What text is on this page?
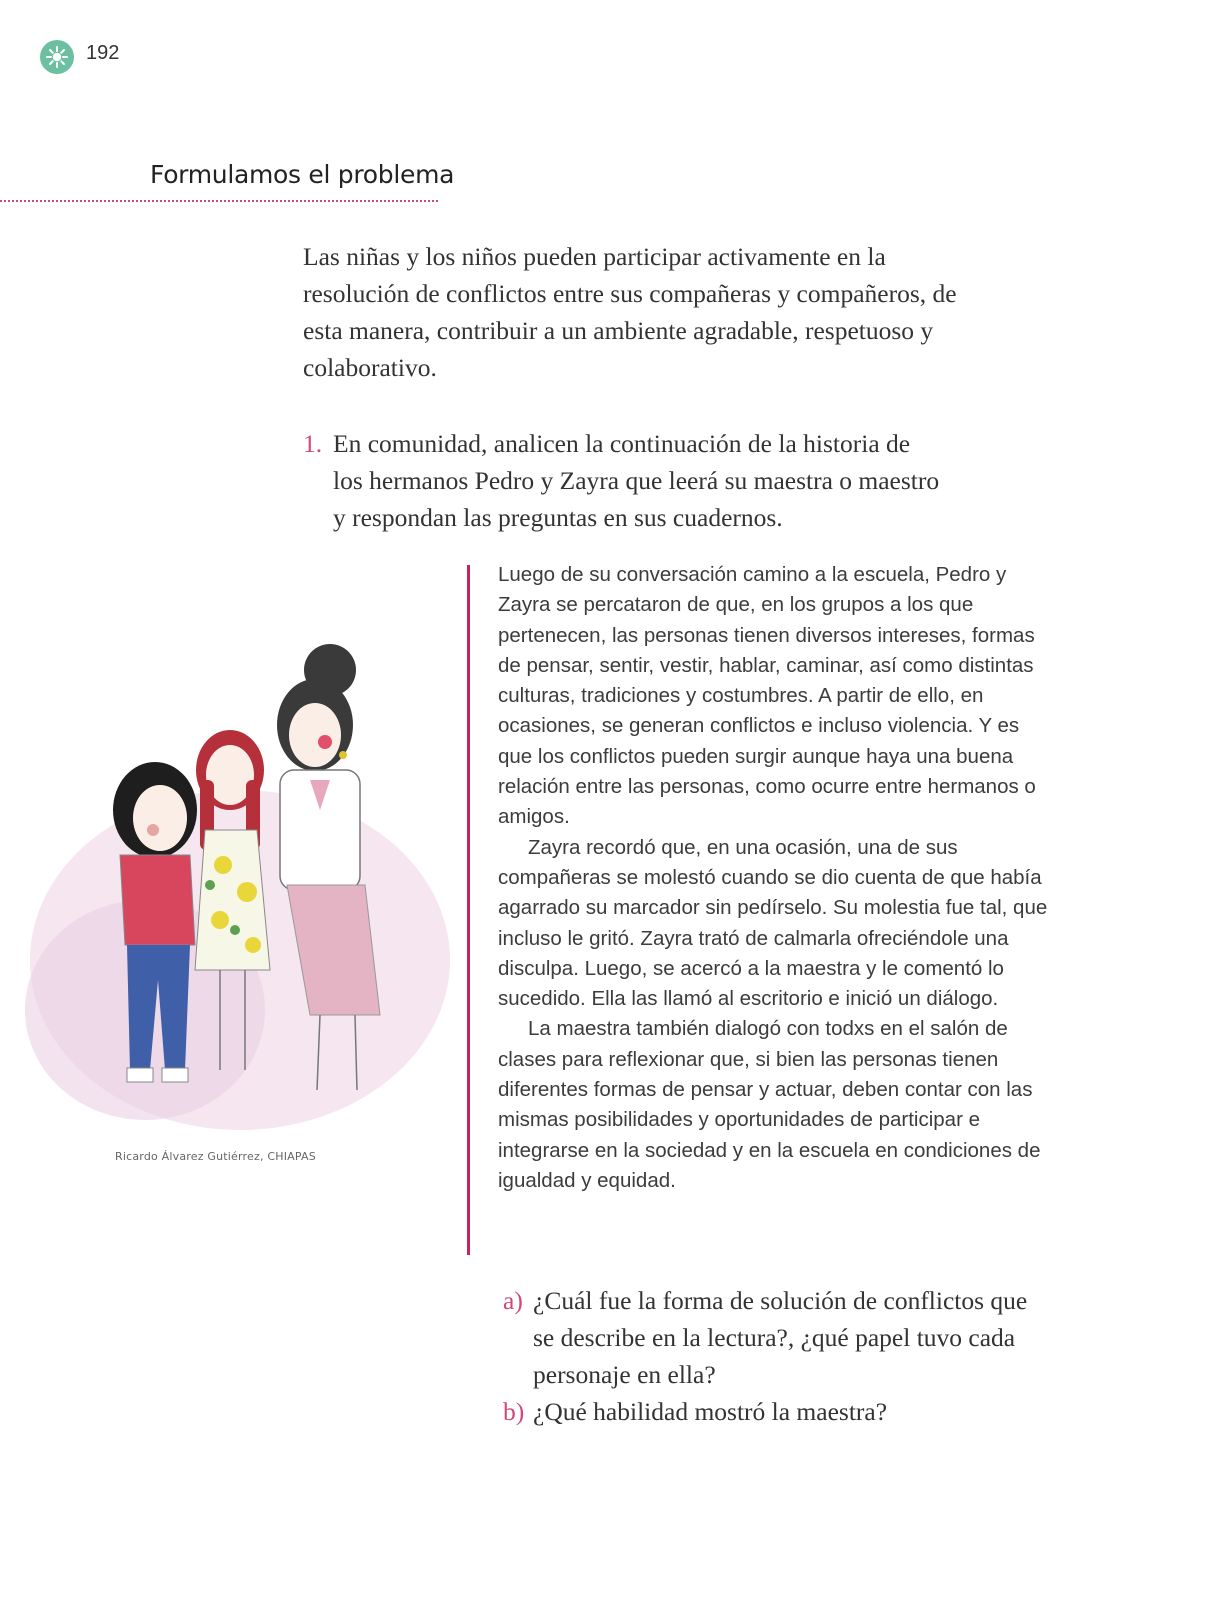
192
Formulamos el problema
Las niñas y los niños pueden participar activamente en la resolución de conflictos entre sus compañeras y compañeros, de esta manera, contribuir a un ambiente agradable, respetuoso y colaborativo.
1. En comunidad, analicen la continuación de la historia de los hermanos Pedro y Zayra que leerá su maestra o maestro y respondan las preguntas en sus cuadernos.
Ricardo Álvarez Gutiérrez, CHIAPAS

Luego de su conversación camino a la escuela, Pedro y Zayra se percataron de que, en los grupos a los que pertenecen, las personas tienen diversos intereses, formas de pensar, sentir, vestir, hablar, caminar, así como distintas culturas, tradiciones y costumbres. A partir de ello, en ocasiones, se generan conflictos e incluso violencia. Y es que los conflictos pueden surgir aunque haya una buena relación entre las personas, como ocurre entre hermanos o amigos.

Zayra recordó que, en una ocasión, una de sus compañeras se molestó cuando se dio cuenta de que había agarrado su marcador sin pedírselo. Su molestia fue tal, que incluso le gritó. Zayra trató de calmarla ofreciéndole una disculpa. Luego, se acercó a la maestra y le comentó lo sucedido. Ella las llamó al escritorio e inició un diálogo.

La maestra también dialogó con todxs en el salón de clases para reflexionar que, si bien las personas tienen diferentes formas de pensar y actuar, deben contar con las mismas posibilidades y oportunidades de participar e integrarse en la sociedad y en la escuela en condiciones de igualdad y equidad.

a) ¿Cuál fue la forma de solución de conflictos que se describe en la lectura?, ¿qué papel tuvo cada personaje en ella?
b) ¿Qué habilidad mostró la maestra?
